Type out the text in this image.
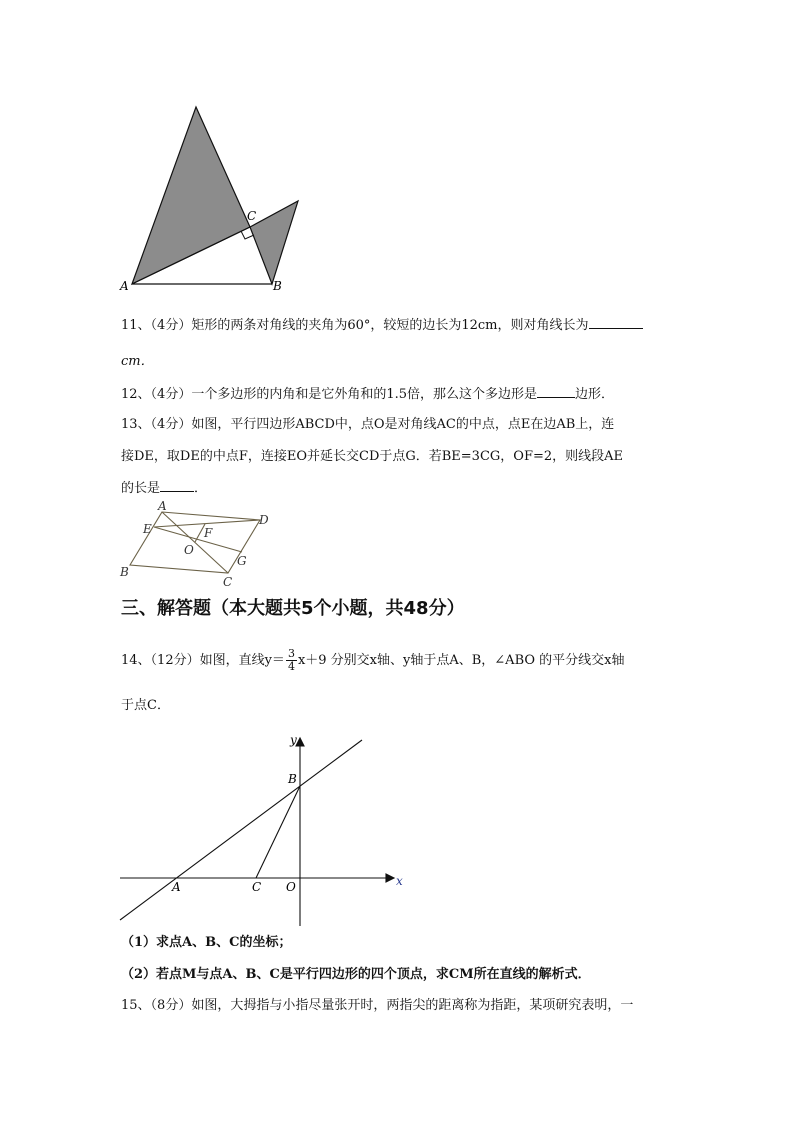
A	B
C
11、（4分）矩形的两条对角线的夹角为60°，较短的边长为12cm，则对角线长为
cm．
12、（4分）一个多边形的内角和是它外角和的1.5倍，那么这个多边形是	边形．
13、（4分）如图，平行四边形ABCD中，点O是对角线AC的中点，点E在边AB上，连
接DE，取DE的中点F，连接EO并延长交CD于点G．若BE=3CG，OF=2，则线段AE
的长是	．
A
D
E	F
O
G
B
C
三、解答题（本大题共5个小题，共48分）
14、（12分）如图，直线$y= \frac{3}{4} x+9$ 分别交x轴、y轴于点A、B，∠ABO 的平分线交x轴
于点C．
y
x
B
A	C O
（1）求点A、B、C的坐标；
（2）若点M与点A、B、C是平行四边形的四个顶点，求CM所在直线的解析式．
15、（8分）如图，大拇指与小指尽量张开时，两指尖的距离称为指距，某项研究表明，一
